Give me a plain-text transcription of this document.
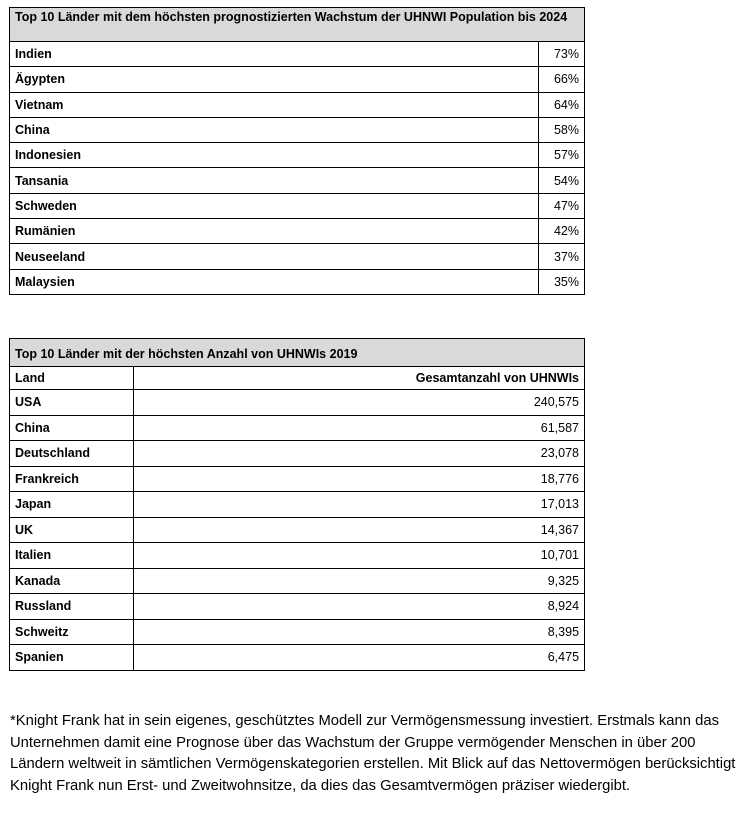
Top 10 Länder mit dem höchsten prognostizierten Wachstum der UHNWI Population bis 2024	
Indien	73%
Ägypten	66%
Vietnam	64%
China	58%
Indonesien	57%
Tansania	54%
Schweden	47%
Rumänien	42%
Neuseeland	37%
Malaysien	35%
Top 10 Länder mit der höchsten Anzahl von UHNWIs 2019	
Land	Gesamtanzahl von UHNWIs
USA	240,575
China	61,587
Deutschland	23,078
Frankreich	18,776
Japan	17,013
UK	14,367
Italien	10,701
Kanada	9,325
Russland	8,924
Schweitz	8,395
Spanien	6,475

*Knight Frank hat in sein eigenes, geschütztes Modell zur Vermögensmessung investiert. Erstmals kann das Unternehmen damit eine Prognose über das Wachstum der Gruppe vermögender Menschen in über 200 Ländern weltweit in sämtlichen Vermögenskategorien erstellen. Mit Blick auf das Nettovermögen berücksichtigt Knight Frank nun Erst- und Zweitwohnsitze, da dies das Gesamtvermögen präziser wiedergibt.
